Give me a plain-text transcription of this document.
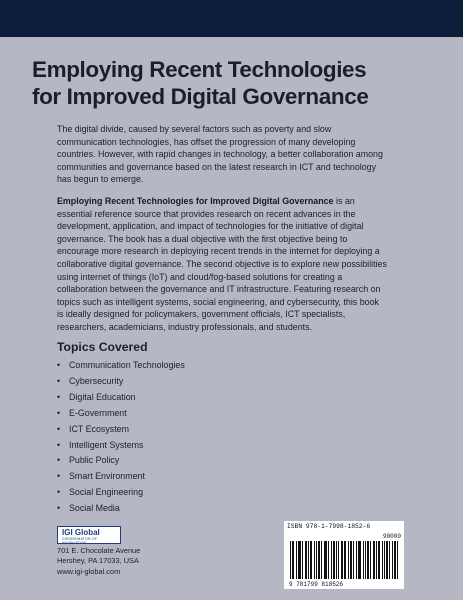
Employing Recent Technologies
for Improved Digital Governance
The digital divide, caused by several factors such as poverty and slow communication technologies, has offset the progression of many developing countries. However, with rapid changes in technology, a better collaboration among communities and governance based on the latest research in ICT and technology has begun to emerge.
Employing Recent Technologies for Improved Digital Governance is an essential reference source that provides research on recent advances in the development, application, and impact of technologies for the initiative of digital governance. The book has a dual objective with the first objective being to encourage more research in deploying recent trends in the internet for deploying a collaborative digital governance. The second objective is to explore new possibilities using internet of things (IoT) and cloud/fog-based solutions for creating a collaboration between the governance and IT infrastructure. Featuring research on topics such as intelligent systems, social engineering, and cybersecurity, this book is ideally designed for policymakers, government officials, ICT specialists, researchers, academicians, industry professionals, and students.
Topics Covered
• Communication Technologies
• Cybersecurity
• Digital Education
• E-Government
• ICT Ecosystem
• Intelligent Systems
• Public Policy
• Smart Environment
• Social Engineering
• Social Media
IGI Global
DISSEMINATOR OF KNOWLEDGE
701 E. Chocolate Avenue
Hershey, PA 17033, USA
www.igi-global.com
ISBN 978-1-7998-1852-6
90000
9 781799 818526
